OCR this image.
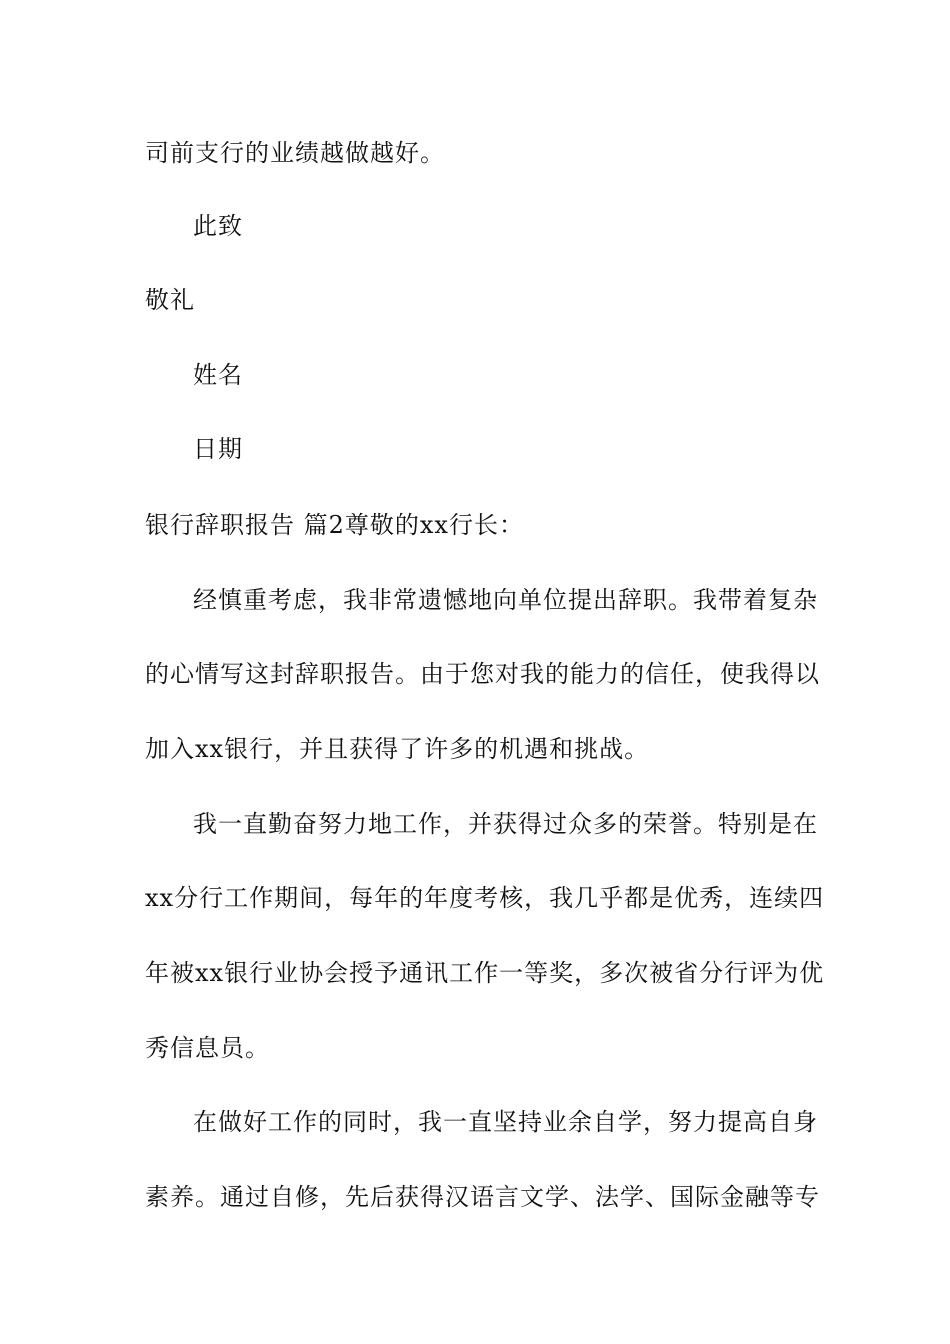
司前支行的业绩越做越好。
此致
敬礼
姓名
日期
银行辞职报告 篇2尊敬的xx行长：
经慎重考虑，我非常遗憾地向单位提出辞职。我带着复杂
的心情写这封辞职报告。由于您对我的能力的信任，使我得以
加入xx银行，并且获得了许多的机遇和挑战。
我一直勤奋努力地工作，并获得过众多的荣誉。特别是在
xx分行工作期间，每年的年度考核，我几乎都是优秀，连续四
年被xx银行业协会授予通讯工作一等奖，多次被省分行评为优
秀信息员。
在做好工作的同时，我一直坚持业余自学，努力提高自身
素养。通过自修，先后获得汉语言文学、法学、国际金融等专
